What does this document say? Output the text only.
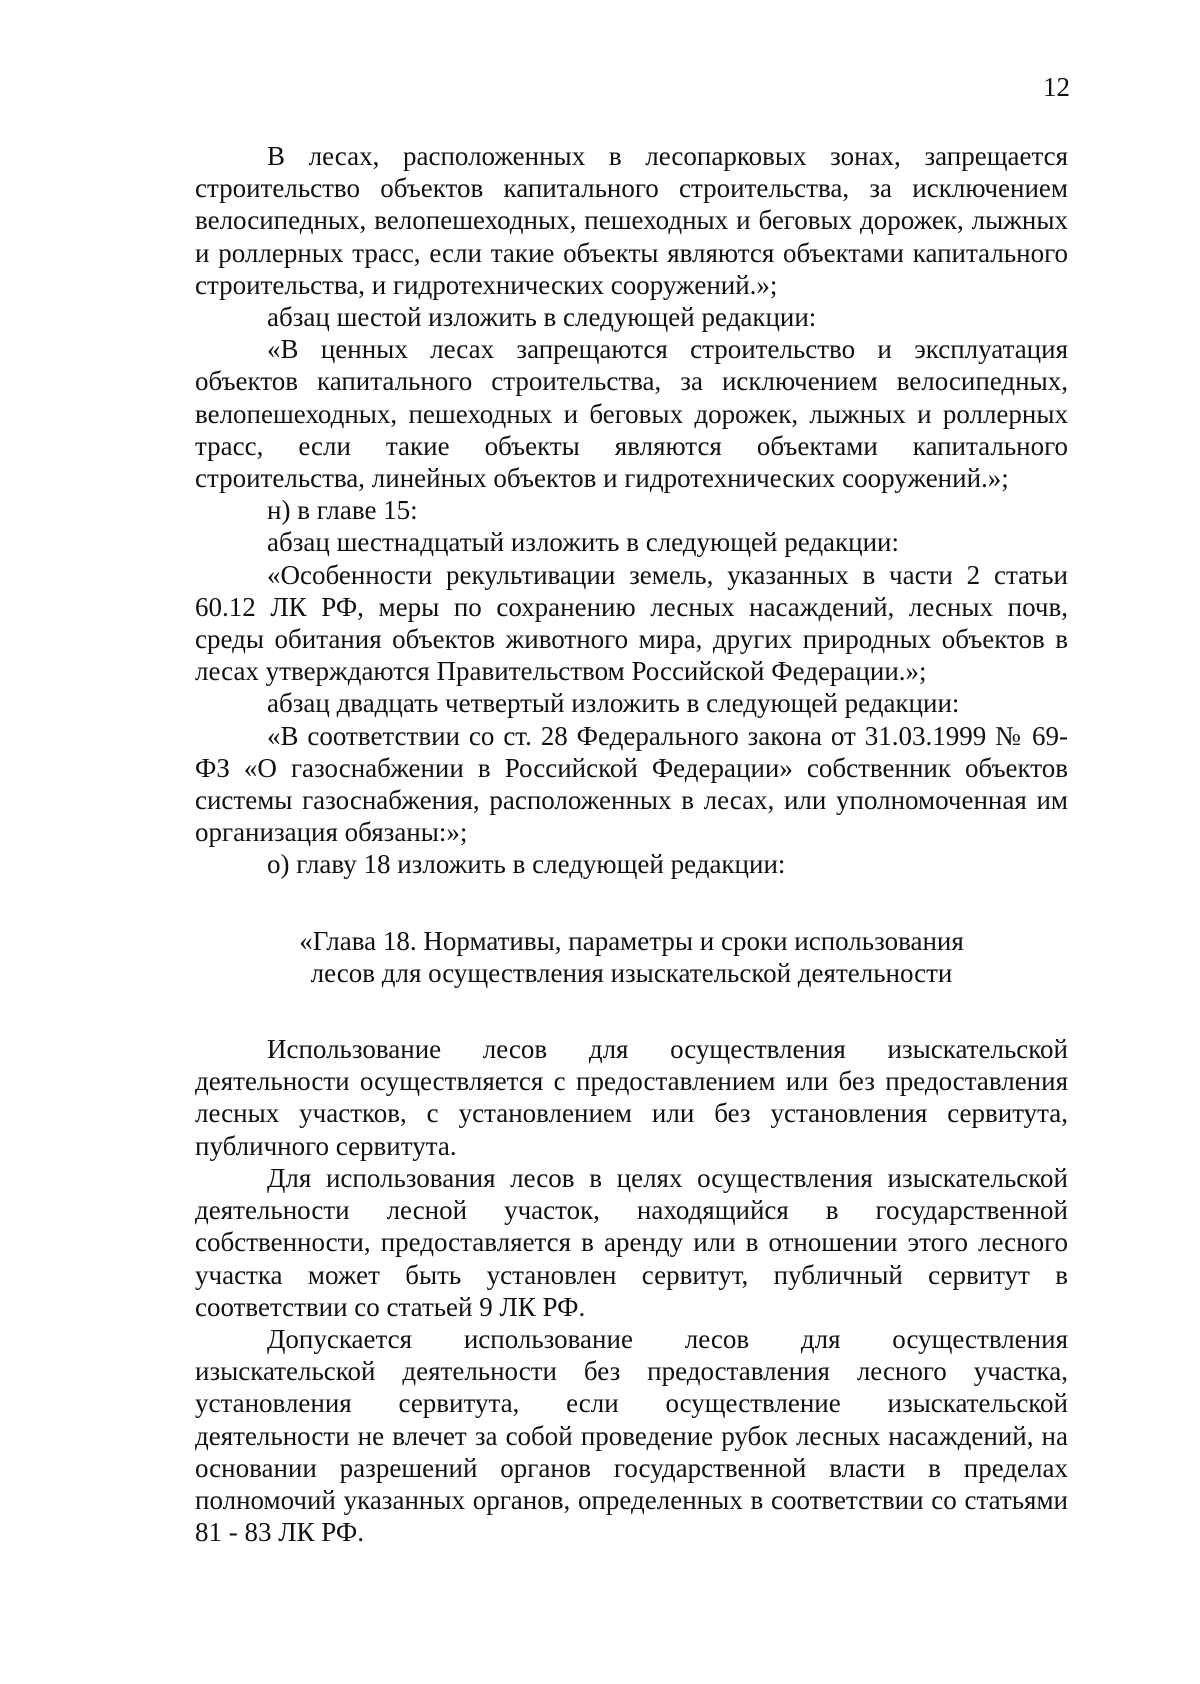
12

В лесах, расположенных в лесопарковых зонах, запрещается строительство объектов капитального строительства, за исключением велосипедных, велопешеходных, пешеходных и беговых дорожек, лыжных и роллерных трасс, если такие объекты являются объектами капитального строительства, и гидротехнических сооружений.»;

абзац шестой изложить в следующей редакции:

«В ценных лесах запрещаются строительство и эксплуатация объектов капитального строительства, за исключением велосипедных, велопешеходных, пешеходных и беговых дорожек, лыжных и роллерных трасс, если такие объекты являются объектами капитального строительства, линейных объектов и гидротехнических сооружений.»;

н) в главе 15:

абзац шестнадцатый изложить в следующей редакции:

«Особенности рекультивации земель, указанных в части 2 статьи 60.12 ЛК РФ, меры по сохранению лесных насаждений, лесных почв, среды обитания объектов животного мира, других природных объектов в лесах утверждаются Правительством Российской Федерации.»;

абзац двадцать четвертый изложить в следующей редакции:

«В соответствии со ст. 28 Федерального закона от 31.03.1999 № 69-ФЗ «О газоснабжении в Российской Федерации» собственник объектов системы газоснабжения, расположенных в лесах, или уполномоченная им организация обязаны:»;

о) главу 18 изложить в следующей редакции:

«Глава 18. Нормативы, параметры и сроки использования
лесов для осуществления изыскательской деятельности

Использование лесов для осуществления изыскательской деятельности осуществляется с предоставлением или без предоставления лесных участков, с установлением или без установления сервитута, публичного сервитута.

Для использования лесов в целях осуществления изыскательской деятельности лесной участок, находящийся в государственной собственности, предоставляется в аренду или в отношении этого лесного участка может быть установлен сервитут, публичный сервитут в соответствии со статьей 9 ЛК РФ.

Допускается использование лесов для осуществления изыскательской деятельности без предоставления лесного участка, установления сервитута, если осуществление изыскательской деятельности не влечет за собой проведение рубок лесных насаждений, на основании разрешений органов государственной власти в пределах полномочий указанных органов, определенных в соответствии со статьями 81 - 83 ЛК РФ.
